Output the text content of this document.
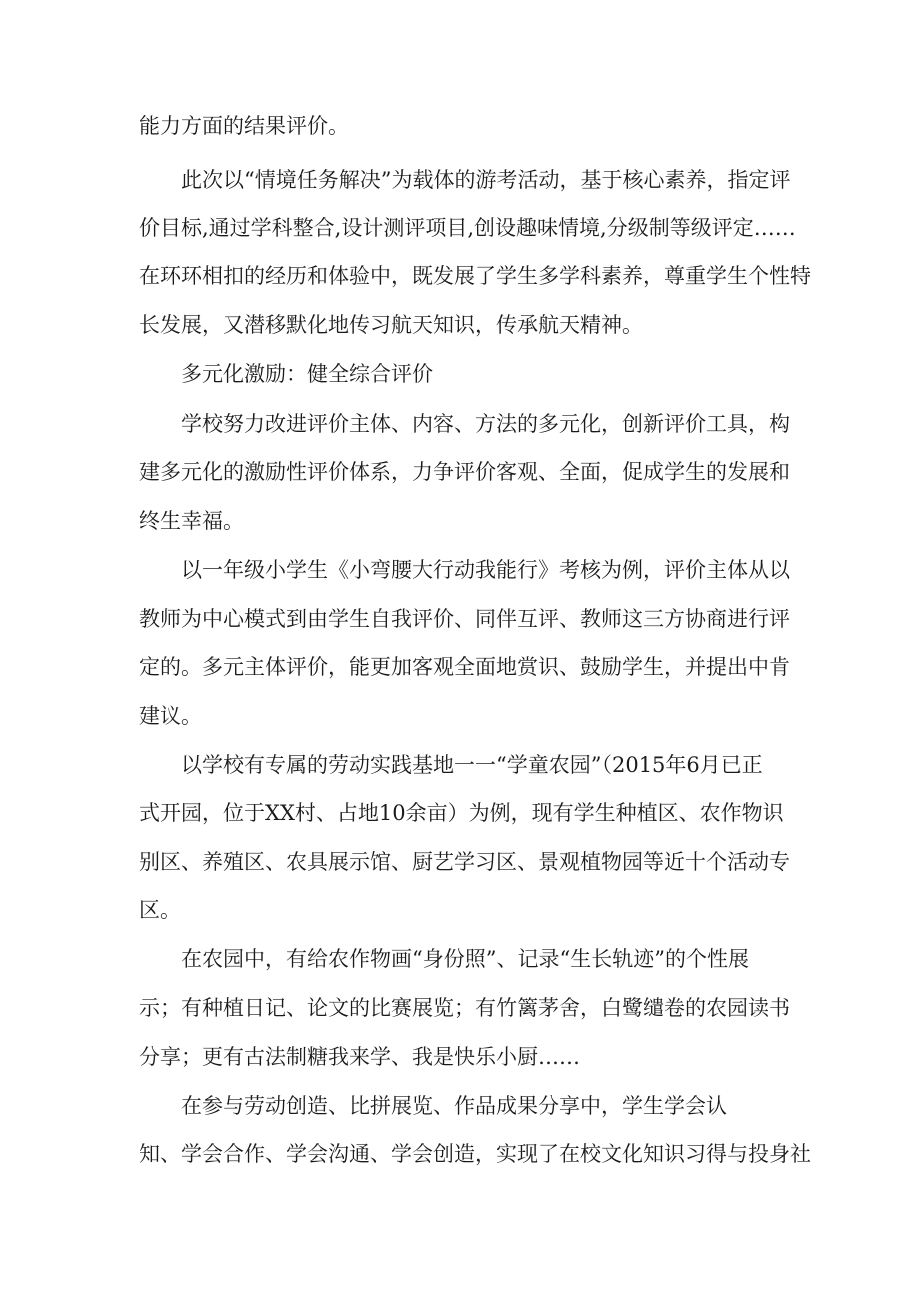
能力方面的结果评价。
此次以“情境任务解决”为载体的游考活动，基于核心素养，指定评
价目标,通过学科整合,设计测评项目,创设趣味情境,分级制等级评定……
在环环相扣的经历和体验中，既发展了学生多学科素养，尊重学生个性特
长发展，又潜移默化地传习航天知识，传承航天精神。
多元化激励：健全综合评价
学校努力改进评价主体、内容、方法的多元化，创新评价工具，构
建多元化的激励性评价体系，力争评价客观、全面，促成学生的发展和
终生幸福。
以一年级小学生《小弯腰大行动我能行》考核为例，评价主体从以
教师为中心模式到由学生自我评价、同伴互评、教师这三方协商进行评
定的。多元主体评价，能更加客观全面地赏识、鼓励学生，并提出中肯
建议。
以学校有专属的劳动实践基地一一“学童农园”（2015年6月已正
式开园，位于XX村、占地10余亩）为例，现有学生种植区、农作物识
别区、养殖区、农具展示馆、厨艺学习区、景观植物园等近十个活动专
区。
在农园中，有给农作物画“身份照”、记录“生长轨迹”的个性展
示；有种植日记、论文的比赛展览；有竹篱茅舍，白鹭缱卷的农园读书
分享；更有古法制糖我来学、我是快乐小厨……
在参与劳动创造、比拼展览、作品成果分享中，学生学会认
知、学会合作、学会沟通、学会创造，实现了在校文化知识习得与投身社
